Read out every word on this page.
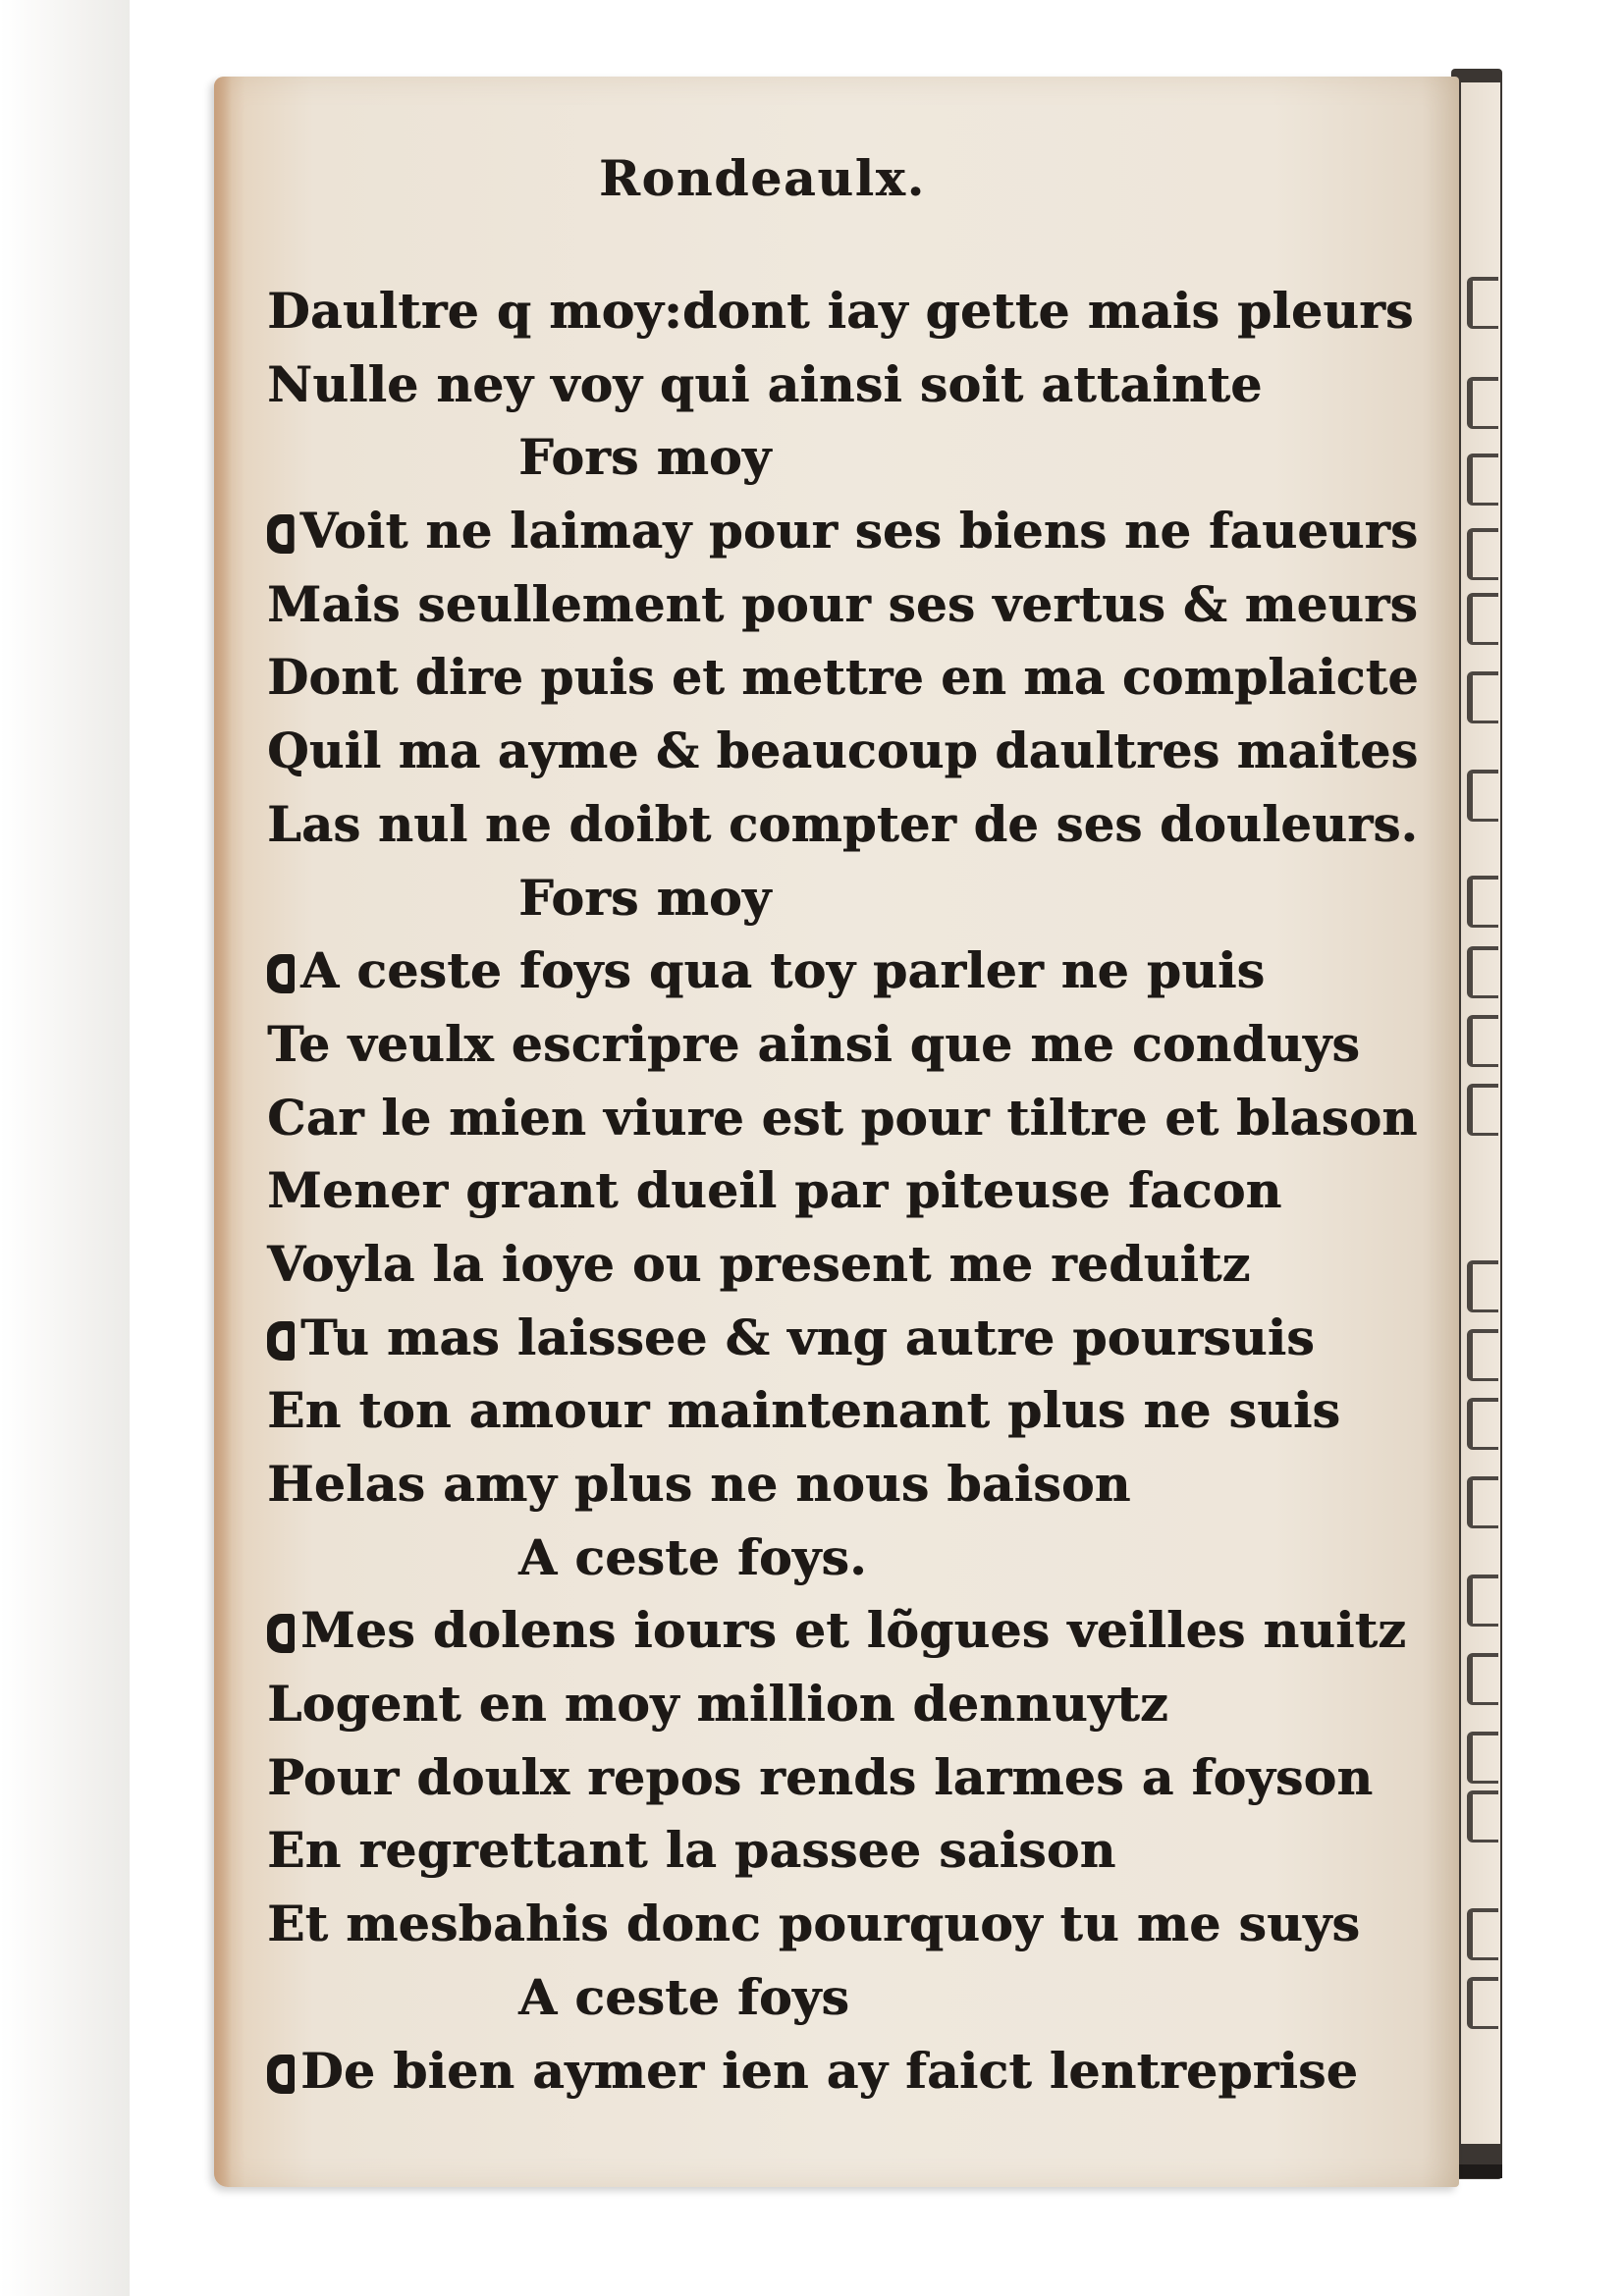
Rondeaulx.
Daultre q moy:dont iay gette mais pleurs
Nulle ney voy qui ainsi soit attainte
Fors moy
Voit ne laimay pour ses biens ne faueurs
Mais seullement pour ses vertus & meurs
Dont dire puis et mettre en ma complaicte
Quil ma ayme & beaucoup daultres maites
Las nul ne doibt compter de ses douleurs.
Fors moy
A ceste foys qua toy parler ne puis
Te veulx escripre ainsi que me conduys
Car le mien viure est pour tiltre et blason
Mener grant dueil par piteuse facon
Voyla la ioye ou present me reduitz
Tu mas laissee & vng autre poursuis
En ton amour maintenant plus ne suis
Helas amy plus ne nous baison
A ceste foys.
Mes dolens iours et lõgues veilles nuitz
Logent en moy million dennuytz
Pour doulx repos rends larmes a foyson
En regrettant la passee saison
Et mesbahis donc pourquoy tu me suys
A ceste foys
De bien aymer ien ay faict lentreprise
